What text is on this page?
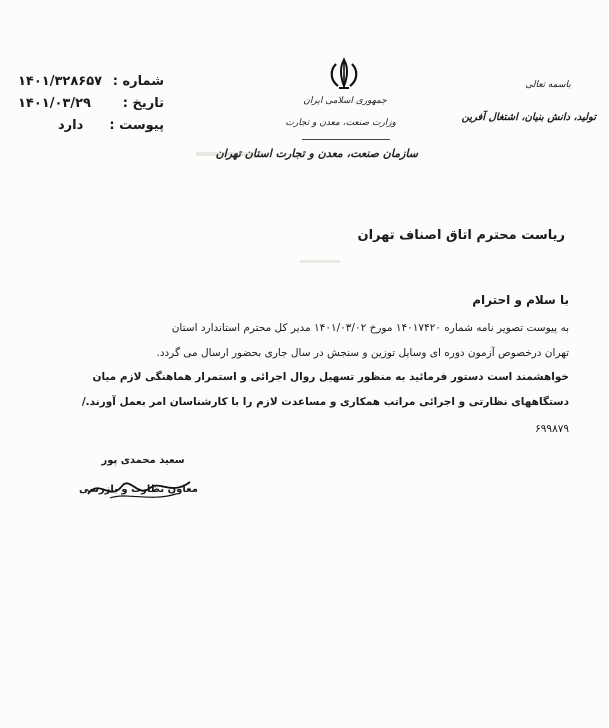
شماره :
۱۴۰۱/۳۲۸۶۵۷
تاریخ :
۱۴۰۱/۰۳/۲۹
پیوست :
دارد
جمهوری اسلامی ایران
وزارت صنعت، معدن و تجارت
سازمان صنعت، معدن و تجارت استان تهران
باسمه تعالی
تولید، دانش بنیان، اشتغال آفرین
ریاست محترم اتاق اصناف تهران
با سلام و احترام
به پیوست تصویر نامه شماره ۱۴۰۱۷۴۲۰ مورخ ۱۴۰۱/۰۳/۰۲ مدیر کل محترم استاندارد استان
تهران درخصوص آزمون دوره ای وسایل توزین و سنجش در سال جاری بحضور ارسال می گردد.
خواهشمند است دستور فرمائید به منظور تسهیل روال اجرائی و استمرار هماهنگی لازم میان
دستگاههای نظارتی و اجرائی مراتب همکاری و مساعدت لازم را با کارشناسان امر بعمل آورند./
۶۹۹۸۷۹
سعید محمدی پور
معاون نظارت و بازرسی
